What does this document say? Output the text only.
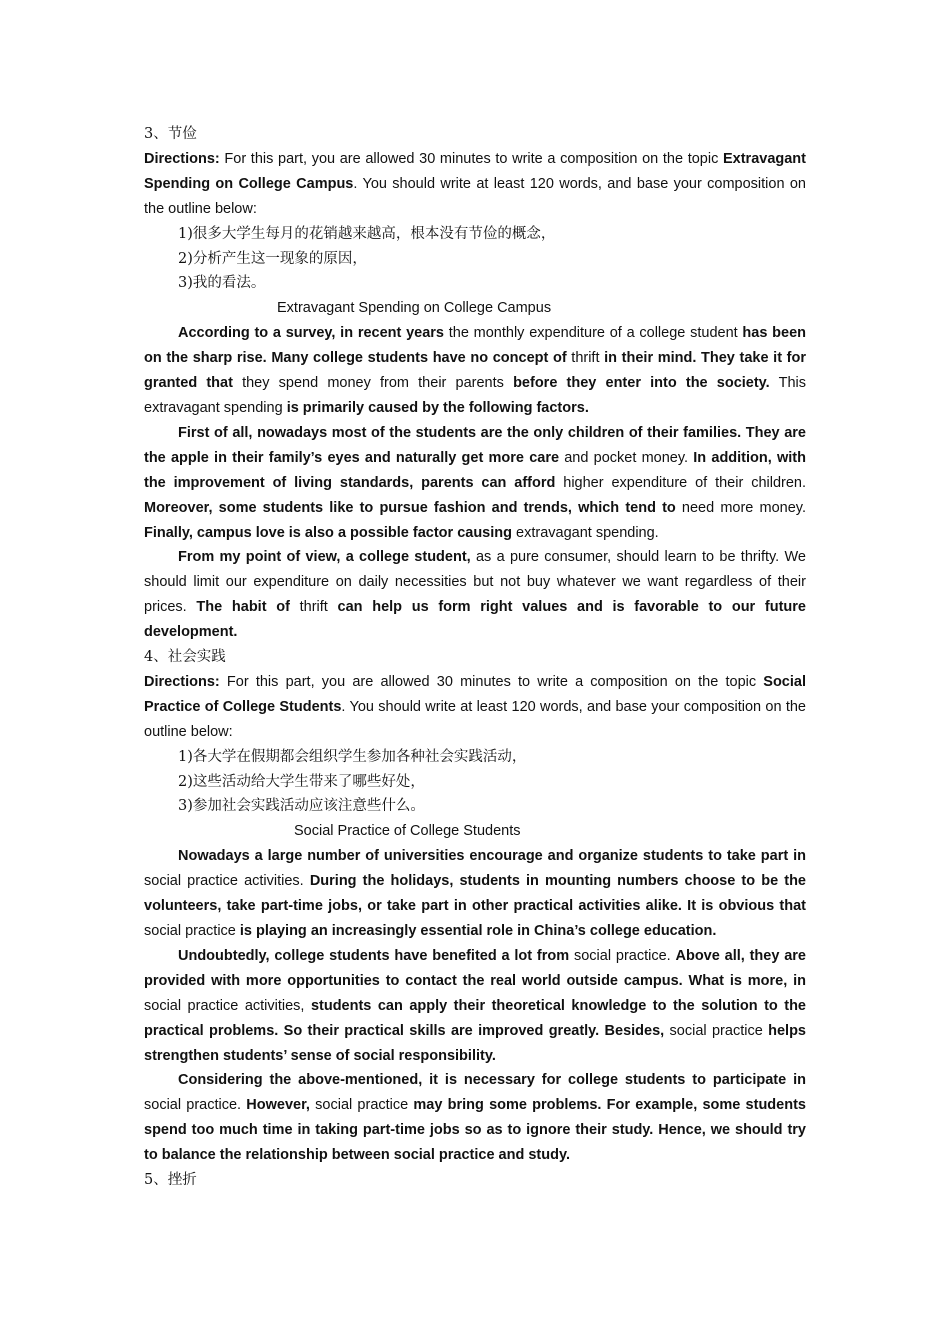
3、节俭

Directions: For this part, you are allowed 30 minutes to write a composition on the topic Extravagant Spending on College Campus. You should write at least 120 words, and base your composition on the outline below:

1)很多大学生每月的花销越来越高，根本没有节俭的概念，

2)分析产生这一现象的原因，

3)我的看法。

Extravagant Spending on College Campus

According to a survey, in recent years the monthly expenditure of a college student has been on the sharp rise. Many college students have no concept of thrift in their mind. They take it for granted that they spend money from their parents before they enter into the society. This extravagant spending is primarily caused by the following factors.

First of all, nowadays most of the students are the only children of their families. They are the apple in their family’s eyes and naturally get more care and pocket money. In addition, with the improvement of living standards, parents can afford higher expenditure of their children. Moreover, some students like to pursue fashion and trends, which tend to need more money. Finally, campus love is also a possible factor causing extravagant spending.

From my point of view, a college student, as a pure consumer, should learn to be thrifty. We should limit our expenditure on daily necessities but not buy whatever we want regardless of their prices. The habit of thrift can help us form right values and is favorable to our future development.

4、社会实践

Directions: For this part, you are allowed 30 minutes to write a composition on the topic Social Practice of College Students. You should write at least 120 words, and base your composition on the outline below:

1)各大学在假期都会组织学生参加各种社会实践活动，

2)这些活动给大学生带来了哪些好处，

3)参加社会实践活动应该注意些什么。

Social Practice of College Students

Nowadays a large number of universities encourage and organize students to take part in social practice activities. During the holidays, students in mounting numbers choose to be the volunteers, take part-time jobs, or take part in other practical activities alike. It is obvious that social practice is playing an increasingly essential role in China’s college education.

Undoubtedly, college students have benefited a lot from social practice. Above all, they are provided with more opportunities to contact the real world outside campus. What is more, in social practice activities, students can apply their theoretical knowledge to the solution to the practical problems. So their practical skills are improved greatly. Besides, social practice helps strengthen students’ sense of social responsibility.

Considering the above-mentioned, it is necessary for college students to participate in social practice. However, social practice may bring some problems. For example, some students spend too much time in taking part-time jobs so as to ignore their study. Hence, we should try to balance the relationship between social practice and study.

5、挫折
